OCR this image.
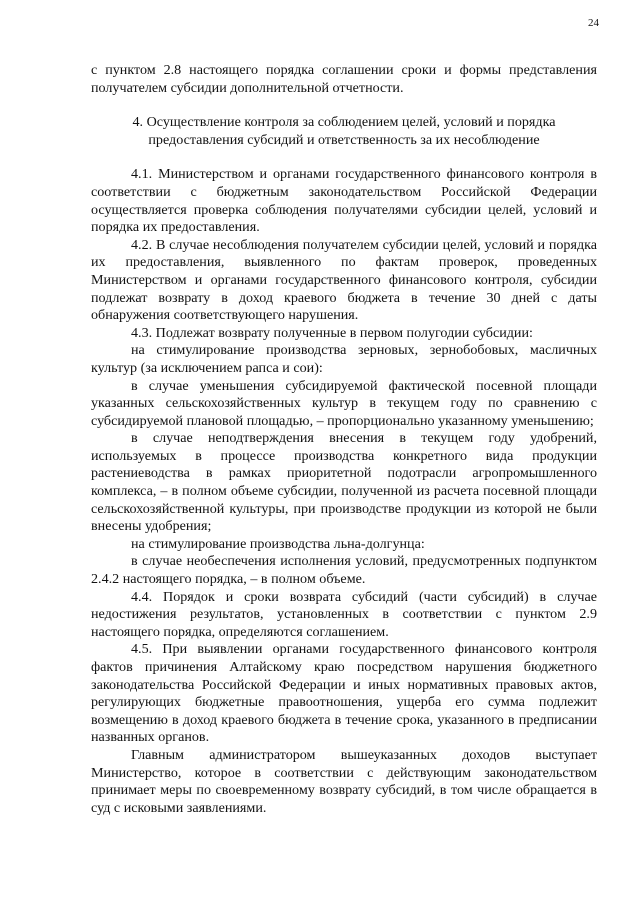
24

с пунктом 2.8 настоящего порядка соглашении сроки и формы представления получателем субсидии дополнительной отчетности.

4. Осуществление контроля за соблюдением целей, условий и порядка
предоставления субсидий и ответственность за их несоблюдение

4.1. Министерством и органами государственного финансового контроля в соответствии с бюджетным законодательством Российской Федерации осуществляется проверка соблюдения получателями субсидии целей, условий и порядка их предоставления.

4.2. В случае несоблюдения получателем субсидии целей, условий и порядка их предоставления, выявленного по фактам проверок, проведенных Министерством и органами государственного финансового контроля, субсидии подлежат возврату в доход краевого бюджета в течение 30 дней с даты обнаружения соответствующего нарушения.

4.3. Подлежат возврату полученные в первом полугодии субсидии:

на стимулирование производства зерновых, зернобобовых, масличных культур (за исключением рапса и сои):

в случае уменьшения субсидируемой фактической посевной площади указанных сельскохозяйственных культур в текущем году по сравнению с субсидируемой плановой площадью, – пропорционально указанному уменьшению;

в случае неподтверждения внесения в текущем году удобрений, используемых в процессе производства конкретного вида продукции растениеводства в рамках приоритетной подотрасли агропромышленного комплекса, – в полном объеме субсидии, полученной из расчета посевной площади сельскохозяйственной культуры, при производстве продукции из которой не были внесены удобрения;

на стимулирование производства льна-долгунца:

в случае необеспечения исполнения условий, предусмотренных подпунктом 2.4.2 настоящего порядка, – в полном объеме.

4.4. Порядок и сроки возврата субсидий (части субсидий) в случае недостижения результатов, установленных в соответствии с пунктом 2.9 настоящего порядка, определяются соглашением.

4.5. При выявлении органами государственного финансового контроля фактов причинения Алтайскому краю посредством нарушения бюджетного законодательства Российской Федерации и иных нормативных правовых актов, регулирующих бюджетные правоотношения, ущерба его сумма подлежит возмещению в доход краевого бюджета в течение срока, указанного в предписании названных органов.

Главным администратором вышеуказанных доходов выступает Министерство, которое в соответствии с действующим законодательством принимает меры по своевременному возврату субсидий, в том числе обращается в суд с исковыми заявлениями.
